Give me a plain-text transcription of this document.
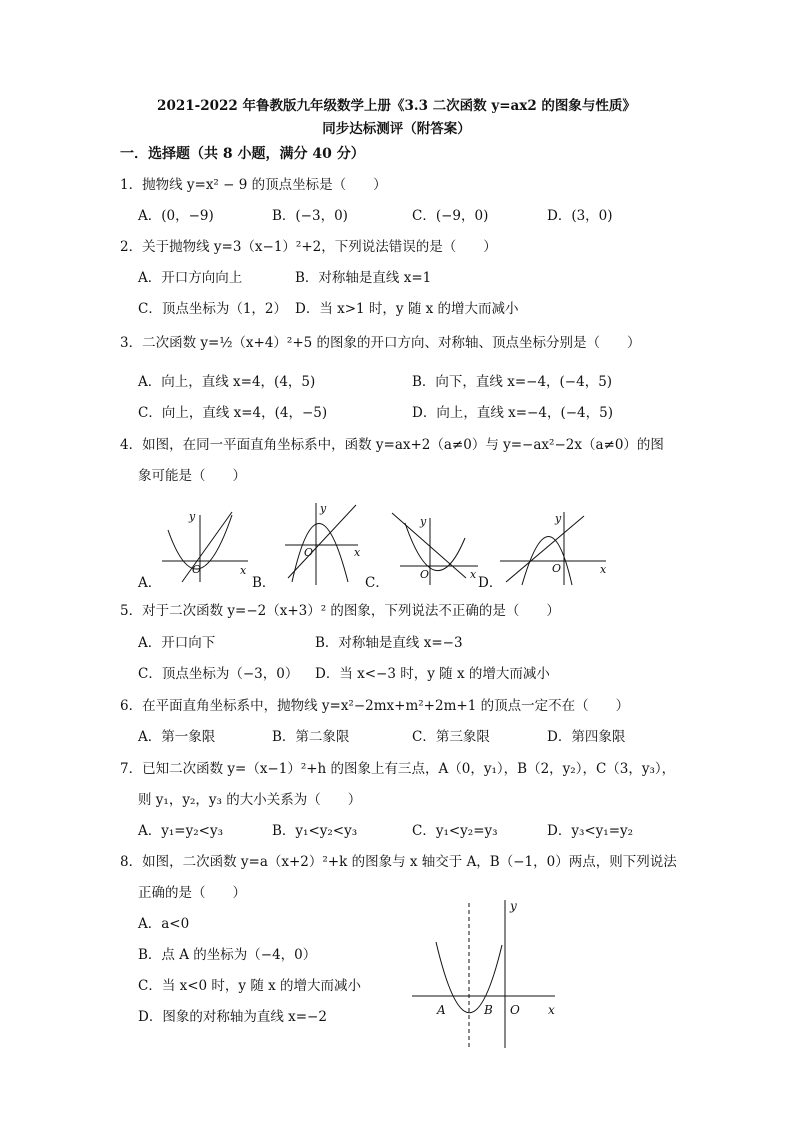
2021-2022 年鲁教版九年级数学上册《3.3 二次函数 y=ax2 的图象与性质》
同步达标测评（附答案）
一．选择题（共 8 小题，满分 40 分）
1．抛物线 y=x² − 9 的顶点坐标是（　　）
A．(0，−9)	B．(−3，0)	C．(−9，0)	D．(3，0)
2．关于抛物线 y=3（x−1）²+2，下列说法错误的是（　　）
A．开口方向向上	B．对称轴是直线 x=1
C．顶点坐标为（1，2） D．当 x>1 时，y 随 x 的增大而减小
3．二次函数 y=½（x+4）²+5 的图象的开口方向、对称轴、顶点坐标分别是（　　）
A．向上，直线 x=4，(4，5)	B．向下，直线 x=−4，(−4，5)
C．向上，直线 x=4，(4，−5)	D．向上，直线 x=−4，(−4，5)
4．如图，在同一平面直角坐标系中，函数 y=ax+2（a≠0）与 y=−ax²−2x（a≠0）的图
象可能是（　　）
y
O	x
y
O	x
y
O	x
y
O	x
y
A	B O x
A．	B．	C．	D．
5．对于二次函数 y=−2（x+3）² 的图象，下列说法不正确的是（　　）
A．开口向下	B．对称轴是直线 x=−3
C．顶点坐标为（−3，0） D．当 x<−3 时，y 随 x 的增大而减小
6．在平面直角坐标系中，抛物线 y=x²−2mx+m²+2m+1 的顶点一定不在（　　）
A．第一象限	B．第二象限	C．第三象限	D．第四象限
7．已知二次函数 y=（x−1）²+h 的图象上有三点，A（0，y₁），B（2，y₂），C（3，y₃），
则 y₁，y₂，y₃ 的大小关系为（　　）
A．y₁=y₂<y₃	B．y₁<y₂<y₃	C．y₁<y₂=y₃	D．y₃<y₁=y₂
8．如图，二次函数 y=a（x+2）²+k 的图象与 x 轴交于 A，B（−1，0）两点，则下列说法
正确的是（　　）
A．a<0
B．点 A 的坐标为（−4，0）
C．当 x<0 时，y 随 x 的增大而减小
D．图象的对称轴为直线 x=−2
